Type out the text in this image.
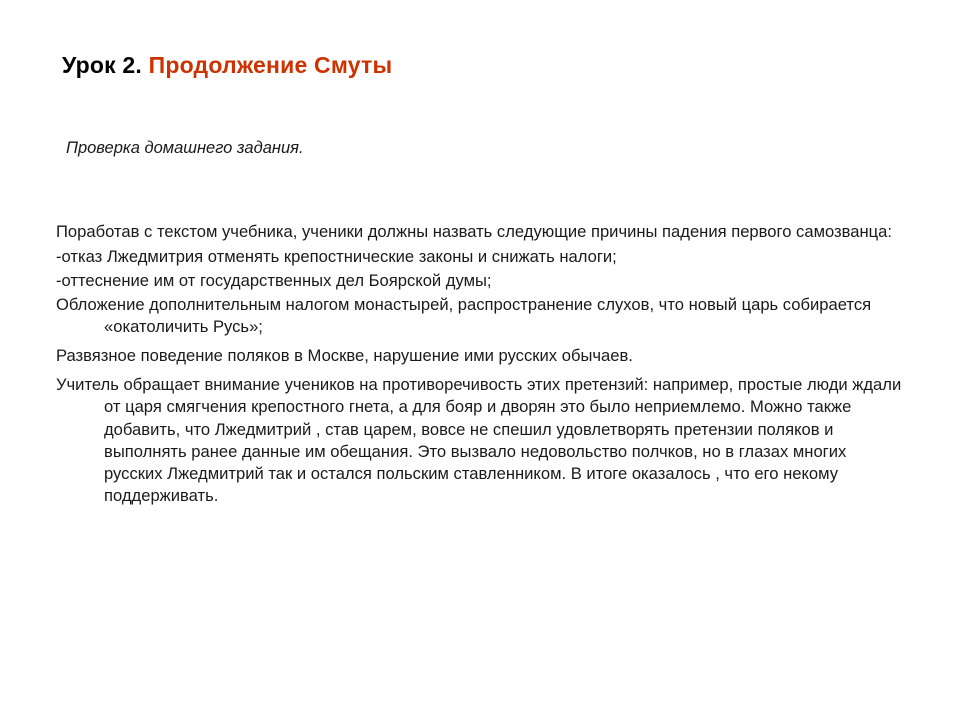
Урок 2. Продолжение Смуты
Проверка домашнего задания.

Поработав с текстом учебника, ученики должны назвать следующие причины падения первого самозванца:

-отказ Лжедмитрия отменять крепостнические законы и снижать налоги;

-оттеснение им от государственных дел Боярской думы;

Обложение дополнительным налогом монастырей, распространение слухов, что новый царь собирается «окатоличить Русь»;

Развязное поведение поляков в Москве, нарушение ими русских обычаев.

Учитель обращает внимание учеников на противоречивость этих претензий: например, простые люди ждали от царя смягчения крепостного гнета, а для бояр и дворян это было неприемлемо. Можно также добавить, что Лжедмитрий , став царем, вовсе не спешил удовлетворять претензии поляков и выполнять ранее данные им обещания. Это вызвало недовольство полчков, но в глазах многих русских Лжедмитрий так и остался польским ставленником. В итоге оказалось , что его некому поддерживать.
